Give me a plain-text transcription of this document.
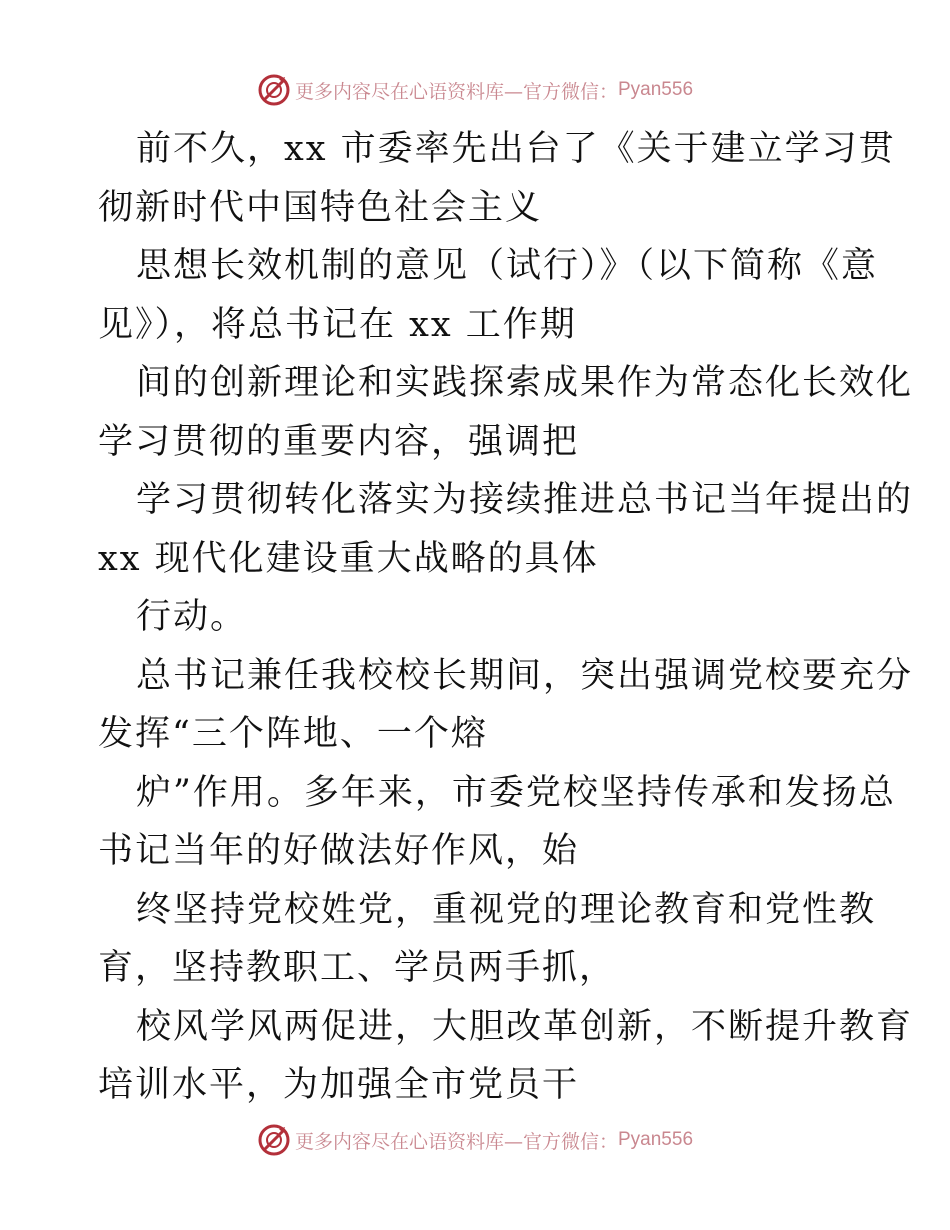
更多内容尽在心语资料库—官方微信： Pyan556
前不久，xx 市委率先出台了《关于建立学习贯
彻新时代中国特色社会主义
思想长效机制的意见（试行）》（以下简称《意
见》），将总书记在 xx 工作期
间的创新理论和实践探索成果作为常态化长效化
学习贯彻的重要内容，强调把
学习贯彻转化落实为接续推进总书记当年提出的
xx 现代化建设重大战略的具体
行动。
总书记兼任我校校长期间，突出强调党校要充分
发挥“三个阵地、一个熔
炉”作用。多年来，市委党校坚持传承和发扬总
书记当年的好做法好作风，始
终坚持党校姓党，重视党的理论教育和党性教
育，坚持教职工、学员两手抓，
校风学风两促进，大胆改革创新，不断提升教育
培训水平，为加强全市党员干
更多内容尽在心语资料库—官方微信： Pyan556
